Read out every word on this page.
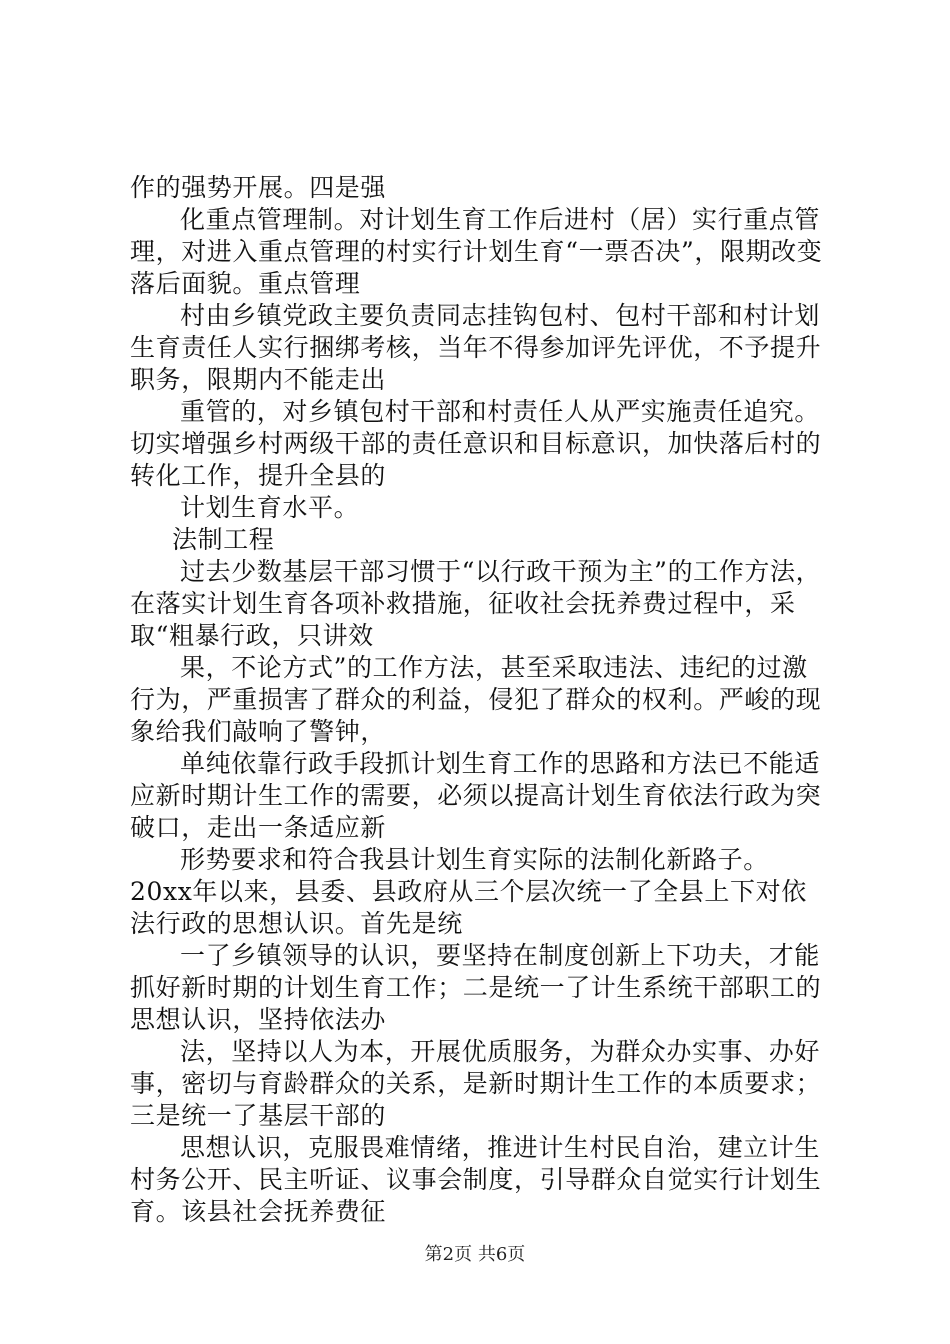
作的强势开展。四是强

化重点管理制。对计划生育工作后进村（居）实行重点管理，对进入重点管理的村实行计划生育“一票否决”，限期改变落后面貌。重点管理

村由乡镇党政主要负责同志挂钩包村、包村干部和村计划生育责任人实行捆绑考核，当年不得参加评先评优，不予提升职务，限期内不能走出

重管的，对乡镇包村干部和村责任人从严实施责任追究。切实增强乡村两级干部的责任意识和目标意识，加快落后村的转化工作，提升全县的

计划生育水平。

法制工程

过去少数基层干部习惯于“以行政干预为主”的工作方法，在落实计划生育各项补救措施，征收社会抚养费过程中，采取“粗暴行政，只讲效

果，不论方式”的工作方法，甚至采取违法、违纪的过激行为，严重损害了群众的利益，侵犯了群众的权利。严峻的现象给我们敲响了警钟，

单纯依靠行政手段抓计划生育工作的思路和方法已不能适应新时期计生工作的需要，必须以提高计划生育依法行政为突破口，走出一条适应新

形势要求和符合我县计划生育实际的法制化新路子。20xx年以来，县委、县政府从三个层次统一了全县上下对依法行政的思想认识。首先是统

一了乡镇领导的认识，要坚持在制度创新上下功夫，才能抓好新时期的计划生育工作；二是统一了计生系统干部职工的思想认识，坚持依法办

法，坚持以人为本，开展优质服务，为群众办实事、办好事，密切与育龄群众的关系，是新时期计生工作的本质要求；三是统一了基层干部的

思想认识，克服畏难情绪，推进计生村民自治，建立计生村务公开、民主听证、议事会制度，引导群众自觉实行计划生育。该县社会抚养费征

第2页 共6页
